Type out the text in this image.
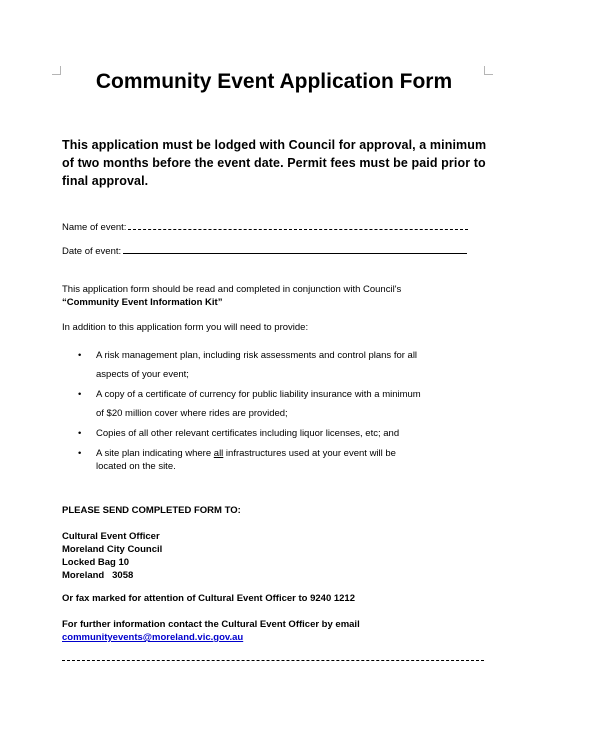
Community Event Application Form
This application must be lodged with Council for approval, a minimum of two months before the event date. Permit fees must be paid prior to final approval.
Name of event:
Date of event:
This application form should be read and completed in conjunction with Council's
“Community Event Information Kit”
In addition to this application form you will need to provide:
• A risk management plan, including risk assessments and control plans for all
aspects of your event;
• A copy of a certificate of currency for public liability insurance with a minimum
of $20 million cover where rides are provided;
• Copies of all other relevant certificates including liquor licenses, etc; and
• A site plan indicating where all infrastructures used at your event will be
located on the site.
PLEASE SEND COMPLETED FORM TO:
Cultural Event Officer
Moreland City Council
Locked Bag 10
Moreland   3058
Or fax marked for attention of Cultural Event Officer to 9240 1212
For further information contact the Cultural Event Officer by email
communityevents@moreland.vic.gov.au
